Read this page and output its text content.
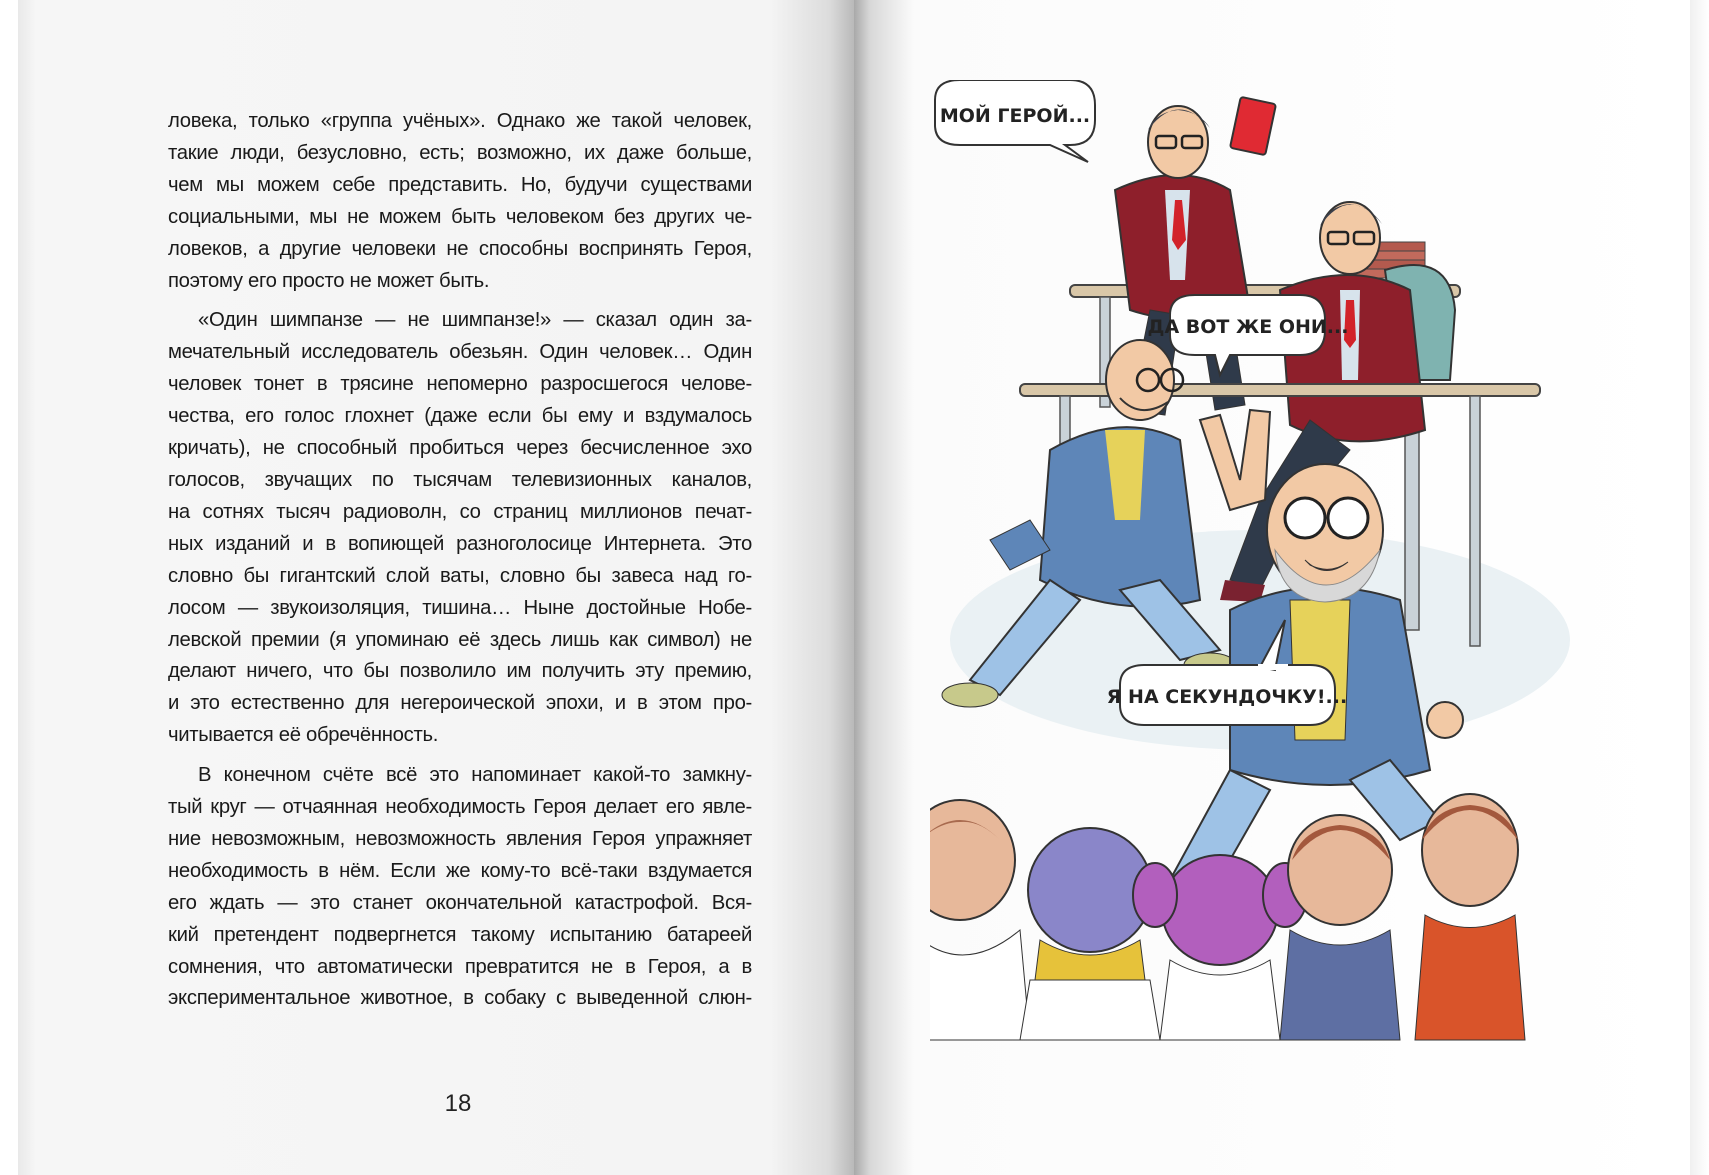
ловека, только «группа учёных». Однако же такой человек,
такие люди, безусловно, есть; возможно, их даже больше,
чем мы можем себе представить. Но, будучи существами
социальными, мы не можем быть человеком без других че-
ловеков, а другие человеки не способны воспринять Героя,
поэтому его просто не может быть.
«Один шимпанзе — не шимпанзе!» — сказал один за-
мечательный исследователь обезьян. Один человек… Один
человек тонет в трясине непомерно разросшегося челове-
чества, его голос глохнет (даже если бы ему и вздумалось
кричать), не способный пробиться через бесчисленное эхо
голосов, звучащих по тысячам телевизионных каналов,
на сотнях тысяч радиоволн, со страниц миллионов печат-
ных изданий и в вопиющей разноголосице Интернета. Это
словно бы гигантский слой ваты, словно бы завеса над го-
лосом — звукоизоляция, тишина… Ныне достойные Нобе-
левской премии (я упоминаю её здесь лишь как символ) не
делают ничего, что бы позволило им получить эту премию,
и это естественно для негероической эпохи, и в этом про-
читывается её обречённость.
В конечном счёте всё это напоминает какой-то замкну-
тый круг — отчаянная необходимость Героя делает его явле-
ние невозможным, невозможность явления Героя упражняет
необходимость в нём. Если же кому-то всё-таки вздумается
его ждать — это станет окончательной катастрофой. Вся-
кий претендент подвергнется такому испытанию батареей
сомнения, что автоматически превратится не в Героя, а в
экспериментальное животное, в собаку с выведенной слюн-
18
МОЙ ГЕРОЙ...
ДА ВОТ ЖЕ ОНИ...
Я НА СЕКУНДОЧКУ!...
